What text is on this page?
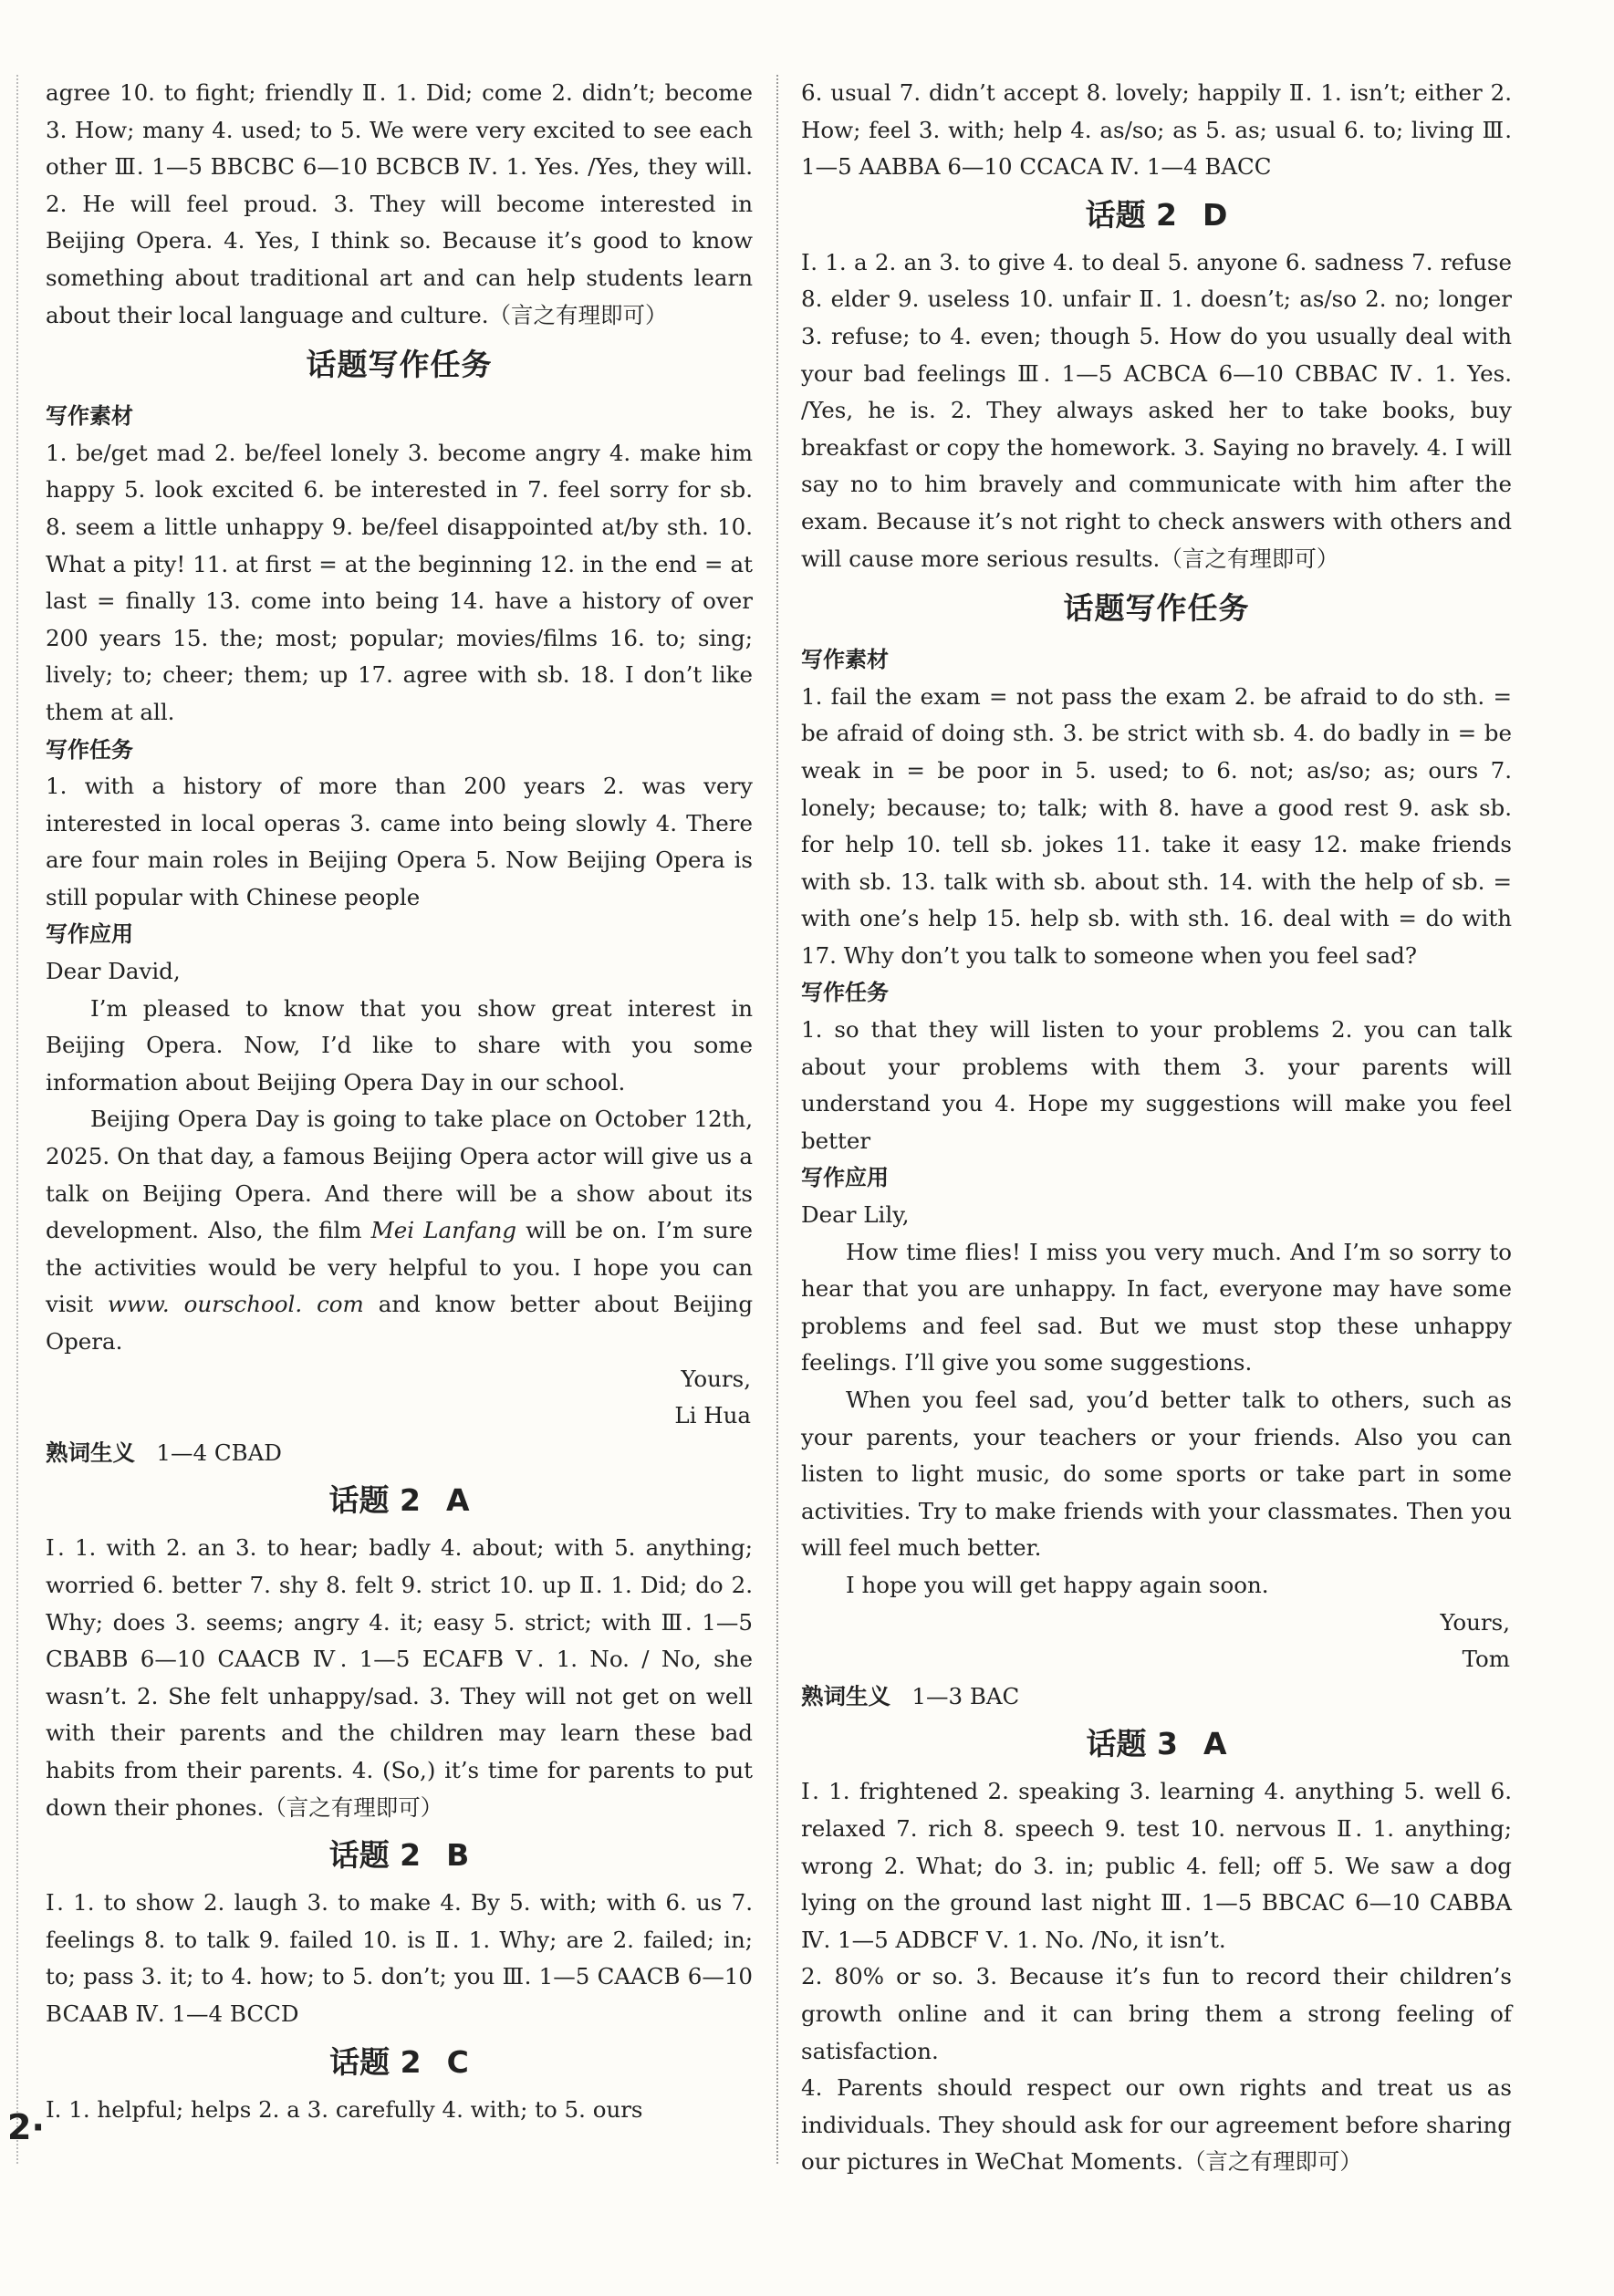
agree 10. to fight; friendly Ⅱ. 1. Did; come 2. didn’t; become 3. How; many 4. used; to 5. We were very excited to see each other Ⅲ. 1—5 BBCBC 6—10 BCBCB Ⅳ. 1. Yes. /Yes, they will. 2. He will feel proud. 3. They will become interested in Beijing Opera. 4. Yes, I think so. Because it’s good to know something about traditional art and can help students learn about their local language and culture.（言之有理即可）

话题写作任务

写作素材

1. be/get mad 2. be/feel lonely 3. become angry 4. make him happy 5. look excited 6. be interested in 7. feel sorry for sb. 8. seem a little unhappy 9. be/feel disappointed at/by sth. 10. What a pity! 11. at first = at the beginning 12. in the end = at last = finally 13. come into being 14. have a history of over 200 years 15. the; most; popular; movies/films 16. to; sing; lively; to; cheer; them; up 17. agree with sb. 18. I don’t like them at all.

写作任务

1. with a history of more than 200 years 2. was very interested in local operas 3. came into being slowly 4. There are four main roles in Beijing Opera 5. Now Beijing Opera is still popular with Chinese people

写作应用

Dear David,

I’m pleased to know that you show great interest in Beijing Opera. Now, I’d like to share with you some information about Beijing Opera Day in our school.

Beijing Opera Day is going to take place on October 12th, 2025. On that day, a famous Beijing Opera actor will give us a talk on Beijing Opera. And there will be a show about its development. Also, the film Mei Lanfang will be on. I’m sure the activities would be very helpful to you. I hope you can visit www. ourschool. com and know better about Beijing Opera.

Yours,

Li Hua

熟词生义 1—4 CBAD

话题 2 A

Ⅰ. 1. with 2. an 3. to hear; badly 4. about; with 5. anything; worried 6. better 7. shy 8. felt 9. strict 10. up Ⅱ. 1. Did; do 2. Why; does 3. seems; angry 4. it; easy 5. strict; with Ⅲ. 1—5 CBABB 6—10 CAACB Ⅳ. 1—5 ECAFB Ⅴ. 1. No. / No, she wasn’t. 2. She felt unhappy/sad. 3. They will not get on well with their parents and the children may learn these bad habits from their parents. 4. (So,) it’s time for parents to put down their phones.（言之有理即可）

话题 2 B

Ⅰ. 1. to show 2. laugh 3. to make 4. By 5. with; with 6. us 7. feelings 8. to talk 9. failed 10. is Ⅱ. 1. Why; are 2. failed; in; to; pass 3. it; to 4. how; to 5. don’t; you Ⅲ. 1—5 CAACB 6—10 BCAAB Ⅳ. 1—4 BCCD

话题 2 C

Ⅰ. 1. helpful; helps 2. a 3. carefully 4. with; to 5. ours

6. usual 7. didn’t accept 8. lovely; happily Ⅱ. 1. isn’t; either 2. How; feel 3. with; help 4. as/so; as 5. as; usual 6. to; living Ⅲ. 1—5 AABBA 6—10 CCACA Ⅳ. 1—4 BACC

话题 2 D

Ⅰ. 1. a 2. an 3. to give 4. to deal 5. anyone 6. sadness 7. refuse 8. elder 9. useless 10. unfair Ⅱ. 1. doesn’t; as/so 2. no; longer 3. refuse; to 4. even; though 5. How do you usually deal with your bad feelings Ⅲ. 1—5 ACBCA 6—10 CBBAC Ⅳ. 1. Yes. /Yes, he is. 2. They always asked her to take books, buy breakfast or copy the homework. 3. Saying no bravely. 4. I will say no to him bravely and communicate with him after the exam. Because it’s not right to check answers with others and will cause more serious results.（言之有理即可）

话题写作任务

写作素材

1. fail the exam = not pass the exam 2. be afraid to do sth. = be afraid of doing sth. 3. be strict with sb. 4. do badly in = be weak in = be poor in 5. used; to 6. not; as/so; as; ours 7. lonely; because; to; talk; with 8. have a good rest 9. ask sb. for help 10. tell sb. jokes 11. take it easy 12. make friends with sb. 13. talk with sb. about sth. 14. with the help of sb. = with one’s help 15. help sb. with sth. 16. deal with = do with 17. Why don’t you talk to someone when you feel sad?

写作任务

1. so that they will listen to your problems 2. you can talk about your problems with them 3. your parents will understand you 4. Hope my suggestions will make you feel better

写作应用

Dear Lily,

How time flies! I miss you very much. And I’m so sorry to hear that you are unhappy. In fact, everyone may have some problems and feel sad. But we must stop these unhappy feelings. I’ll give you some suggestions.

When you feel sad, you’d better talk to others, such as your parents, your teachers or your friends. Also you can listen to light music, do some sports or take part in some activities. Try to make friends with your classmates. Then you will feel much better.

I hope you will get happy again soon.

Yours,

Tom

熟词生义 1—3 BAC

话题 3 A

Ⅰ. 1. frightened 2. speaking 3. learning 4. anything 5. well 6. relaxed 7. rich 8. speech 9. test 10. nervous Ⅱ. 1. anything; wrong 2. What; do 3. in; public 4. fell; off 5. We saw a dog lying on the ground last night Ⅲ. 1—5 BBCAC 6—10 CABBA Ⅳ. 1—5 ADBCF Ⅴ. 1. No. /No, it isn’t.

2. 80% or so. 3. Because it’s fun to record their children’s growth online and it can bring them a strong feeling of satisfaction.

4. Parents should respect our own rights and treat us as individuals. They should ask for our agreement before sharing our pictures in WeChat Moments.（言之有理即可）

2·
